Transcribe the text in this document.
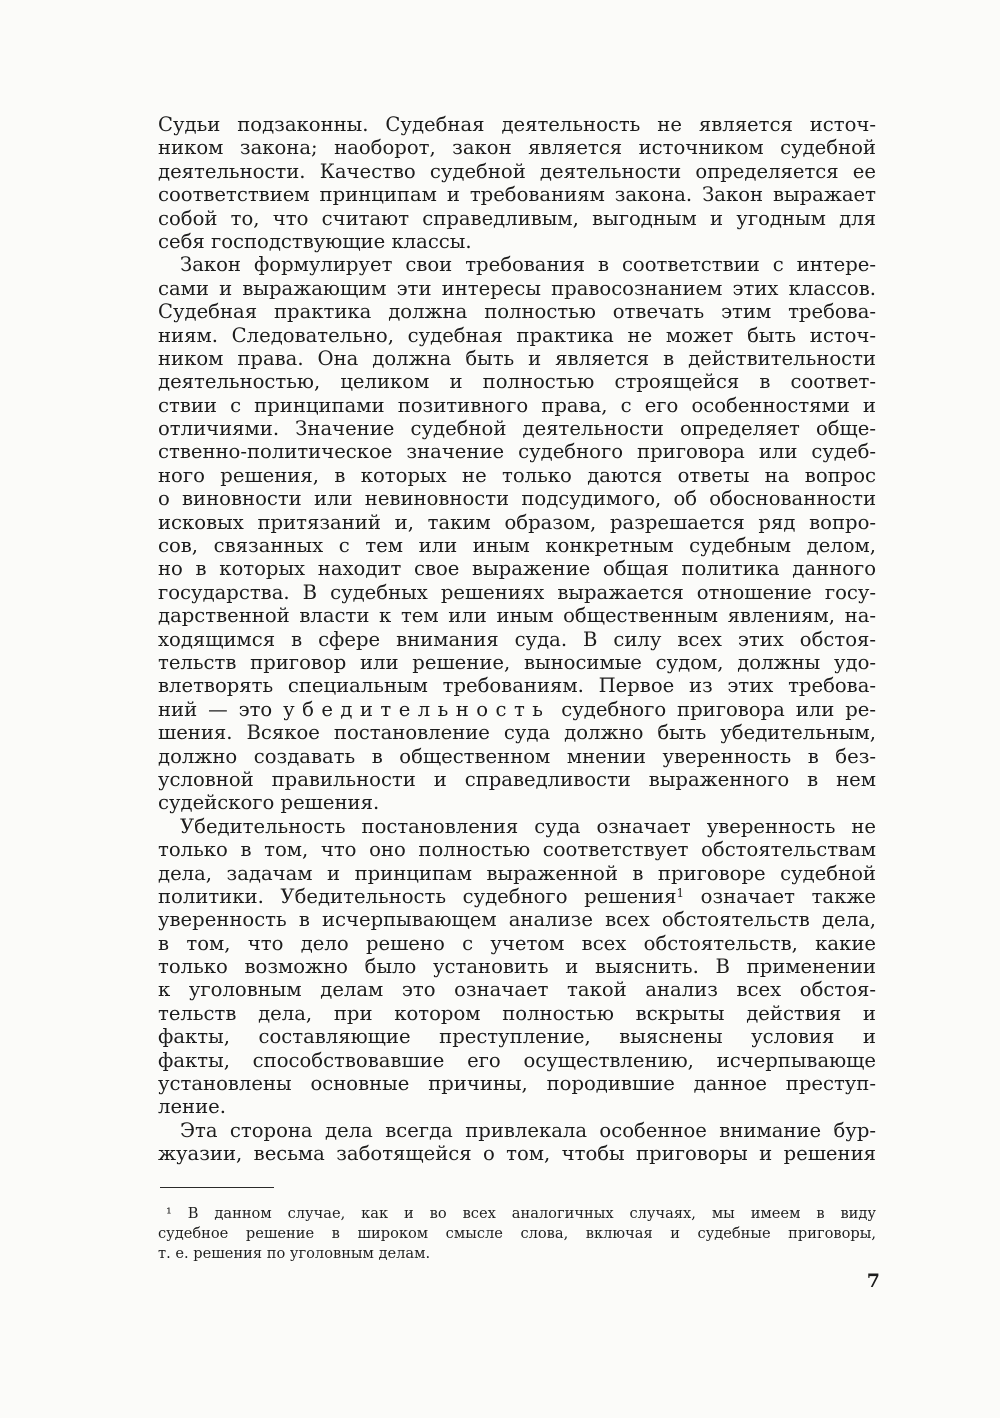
Судьи подзаконны. Судебная деятельность не является источ-
ником закона; наоборот, закон является источником судебной
деятельности. Качество судебной деятельности определяется ее
соответствием принципам и требованиям закона. Закон выражает
собой то, что считают справедливым, выгодным и угодным для
себя господствующие классы.
Закон формулирует свои требования в соответствии с интере-
сами и выражающим эти интересы правосознанием этих классов.
Судебная практика должна полностью отвечать этим требова-
ниям. Следовательно, судебная практика не может быть источ-
ником права. Она должна быть и является в действительности
деятельностью, целиком и полностью строящейся в соответ-
ствии с принципами позитивного права, с его особенностями и
отличиями. Значение судебной деятельности определяет обще-
ственно-политическое значение судебного приговора или судеб-
ного решения, в которых не только даются ответы на вопрос
о виновности или невиновности подсудимого, об обоснованности
исковых притязаний и, таким образом, разрешается ряд вопро-
сов, связанных с тем или иным конкретным судебным делом,
но в которых находит свое выражение общая политика данного
государства. В судебных решениях выражается отношение госу-
дарственной власти к тем или иным общественным явлениям, на-
ходящимся в сфере внимания суда. В силу всех этих обстоя-
тельств приговор или решение, выносимые судом, должны удо-
влетворять специальным требованиям. Первое из этих требова-
ний — это убедительность судебного приговора или ре-
шения. Всякое постановление суда должно быть убедительным,
должно создавать в общественном мнении уверенность в без-
условной правильности и справедливости выраженного в нем
судейского решения.
Убедительность постановления суда означает уверенность не
только в том, что оно полностью соответствует обстоятельствам
дела, задачам и принципам выраженной в приговоре судебной
политики. Убедительность судебного решения$^1$ означает также
уверенность в исчерпывающем анализе всех обстоятельств дела,
в том, что дело решено с учетом всех обстоятельств, какие
только возможно было установить и выяснить. В применении
к уголовным делам это означает такой анализ всех обстоя-
тельств дела, при котором полностью вскрыты действия и
факты, составляющие преступление, выяснены условия и
факты, способствовавшие его осуществлению, исчерпывающе
установлены основные причины, породившие данное преступ-
ление.
Эта сторона дела всегда привлекала особенное внимание бур-
жуазии, весьма заботящейся о том, чтобы приговоры и решения
¹ В данном случае, как и во всех аналогичных случаях, мы имеем в виду
судебное решение в широком смысле слова, включая и судебные приговоры,
т. е. решения по уголовным делам.
7
